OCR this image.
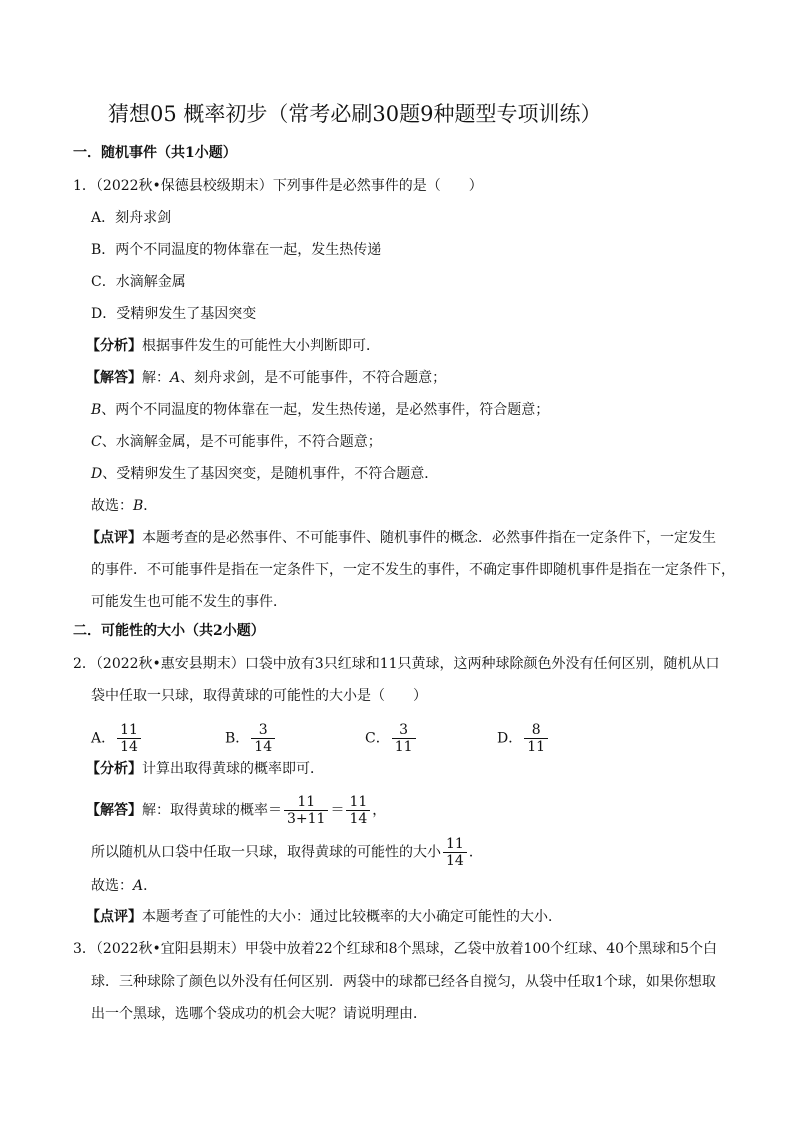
猜想05 概率初步（常考必刷30题9种题型专项训练）
一．随机事件（共1小题）
1．（2022秋•保德县校级期末）下列事件是必然事件的是（　　）
A．刻舟求剑
B．两个不同温度的物体靠在一起，发生热传递
C．水滴解金属
D．受精卵发生了基因突变
【分析】根据事件发生的可能性大小判断即可．
【解答】解：A、刻舟求剑，是不可能事件，不符合题意；
B、两个不同温度的物体靠在一起，发生热传递，是必然事件，符合题意；
C、水滴解金属，是不可能事件，不符合题意；
D、受精卵发生了基因突变，是随机事件，不符合题意．
故选：B．
【点评】本题考查的是必然事件、不可能事件、随机事件的概念．必然事件指在一定条件下，一定发生
的事件．不可能事件是指在一定条件下，一定不发生的事件，不确定事件即随机事件是指在一定条件下，
可能发生也可能不发生的事件．
二．可能性的大小（共2小题）
2．（2022秋•惠安县期末）口袋中放有3只红球和11只黄球，这两种球除颜色外没有任何区别，随机从口
袋中任取一只球，取得黄球的可能性的大小是（　　）
A． $\frac{11}{14}$	B． $\frac{3}{14}$	C． $\frac{3}{11}$	D． $\frac{8}{11}$
【分析】计算出取得黄球的概率即可．
【解答】解：取得黄球的概率＝ $\frac{11}{3+11} = \frac{11}{14}$ ，
所以随机从口袋中任取一只球，取得黄球的可能性的大小 $\frac{11}{14}$ ．
故选：A．
【点评】本题考查了可能性的大小：通过比较概率的大小确定可能性的大小．
3．（2022秋•宜阳县期末）甲袋中放着22个红球和8个黑球，乙袋中放着100个红球、40个黑球和5个白
球．三种球除了颜色以外没有任何区别．两袋中的球都已经各自搅匀，从袋中任取1个球，如果你想取
出一个黑球，选哪个袋成功的机会大呢？请说明理由．
